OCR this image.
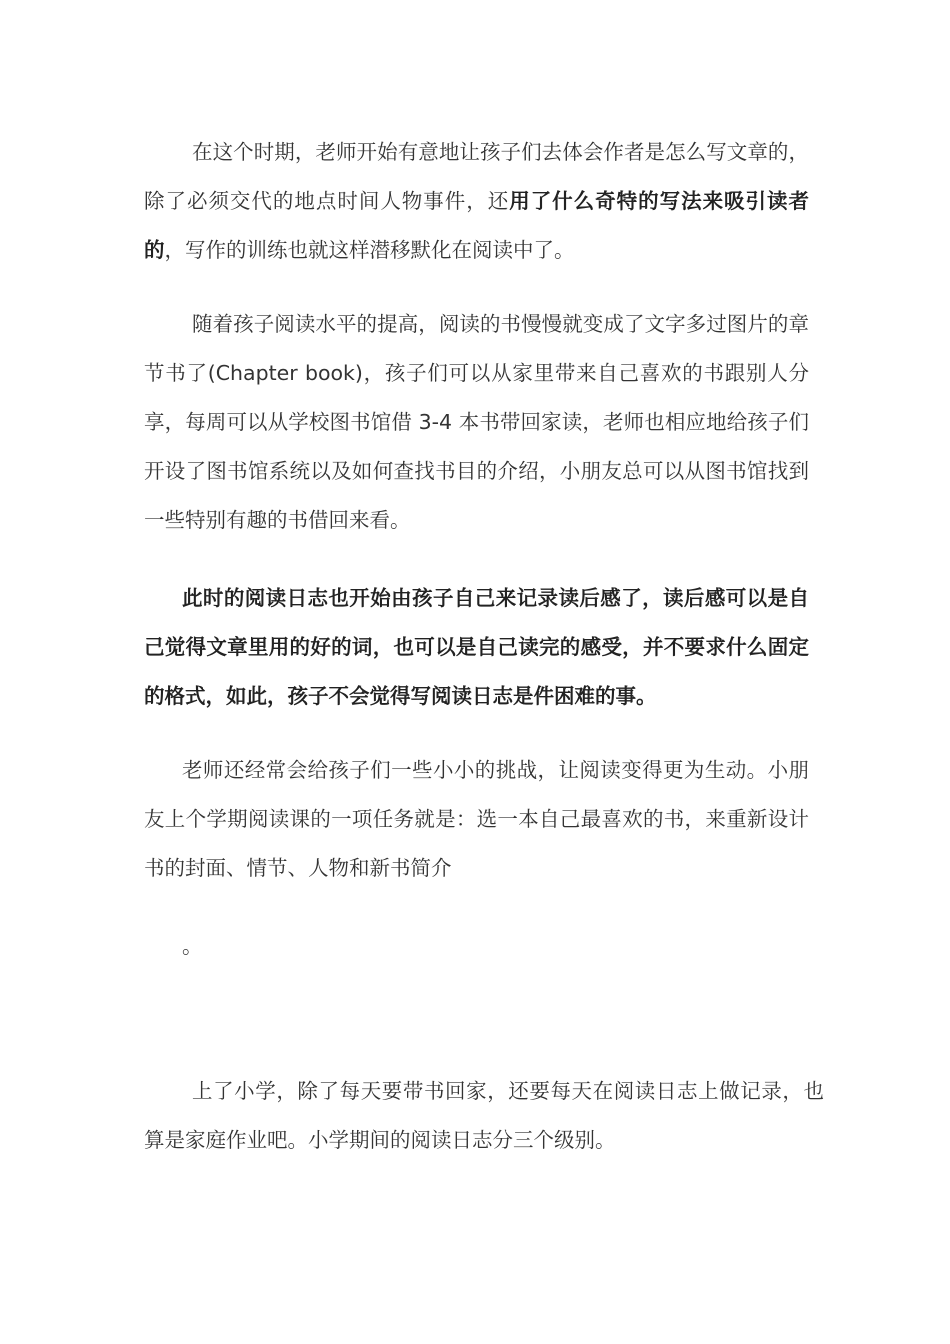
在这个时期，老师开始有意地让孩子们去体会作者是怎么写文章的，除了必须交代的地点时间人物事件，还用了什么奇特的写法来吸引读者的，写作的训练也就这样潜移默化在阅读中了。

随着孩子阅读水平的提高，阅读的书慢慢就变成了文字多过图片的章节书了(Chapter book)，孩子们可以从家里带来自己喜欢的书跟别人分享，每周可以从学校图书馆借 3-4 本书带回家读，老师也相应地给孩子们开设了图书馆系统以及如何查找书目的介绍，小朋友总可以从图书馆找到一些特别有趣的书借回来看。

此时的阅读日志也开始由孩子自己来记录读后感了，读后感可以是自己觉得文章里用的好的词，也可以是自己读完的感受，并不要求什么固定的格式，如此，孩子不会觉得写阅读日志是件困难的事。

老师还经常会给孩子们一些小小的挑战，让阅读变得更为生动。小朋友上个学期阅读课的一项任务就是：选一本自己最喜欢的书，来重新设计书的封面、情节、人物和新书简介

。

上了小学，除了每天要带书回家，还要每天在阅读日志上做记录，也算是家庭作业吧。小学期间的阅读日志分三个级别。
